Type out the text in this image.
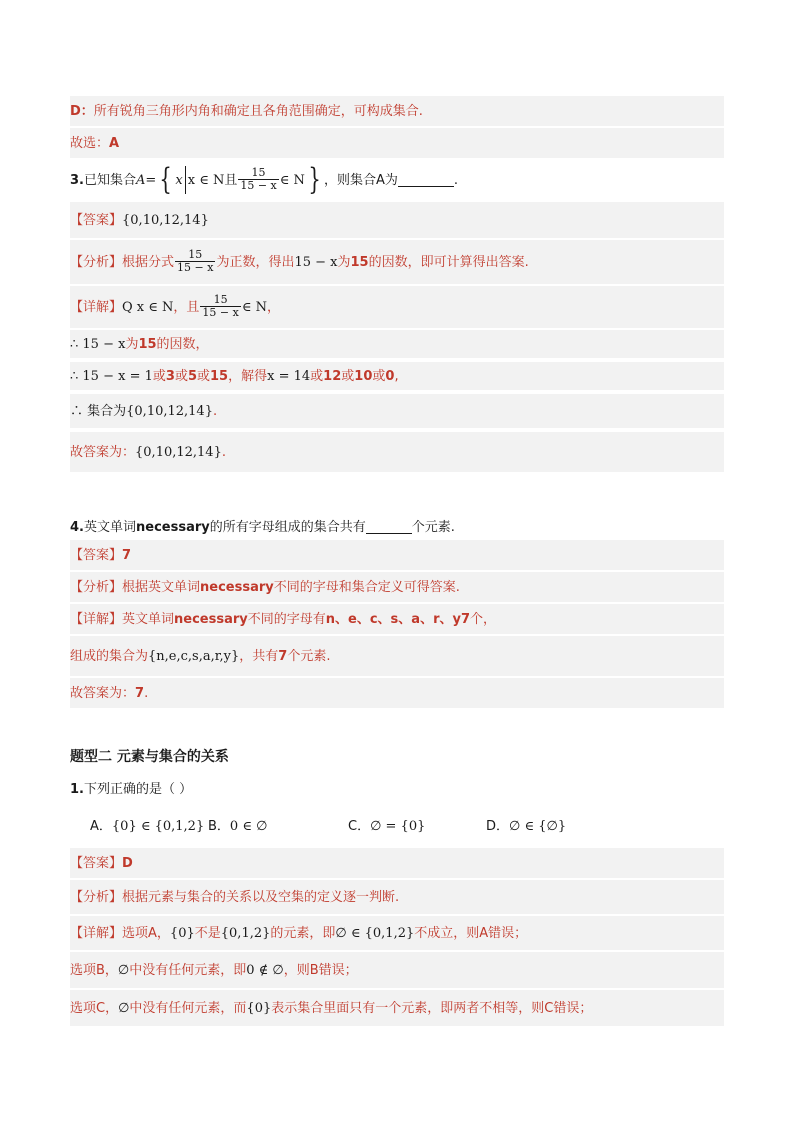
D： 所有锐角三角形内角和确定且各角范围确定，可构成集合.
故选： A
3. 已知集合 A = { x x ∈ N且 $\frac{15}{15 - x}$ ∈ N } ，则集合A为	.
【答案】 {0,10,12,14}
【分析】 根据分式 $\frac{15}{15 - x}$ 为正数，得出 15 − x 为 15 的因数，即可计算得出答案.
【详解】 Q x ∈ N ，且 $\frac{15}{15 - x}$ ∈ N ，
∴ 15 − x 为 15 的因数，
∴ 15 − x = 1 或 3 或 5 或 15 ，解得 x = 14 或 12 或 10 或 0 ,
∴ 集合为 {0,10,12,14} .
故答案为： {0,10,12,14} .
4. 英文单词 necessary 的所有字母组成的集合共有	个元素.
【答案】 7
【分析】 根据英文单词 necessary 不同的字母和集合定义可得答案.
【详解】 英文单词 necessary 不同的字母有 n、e、c、s、a、r、y7 个，
组成的集合为 {n,e,c,s,a,r,y} ，共有 7 个元素.
故答案为： 7 .
题型二 元素与集合的关系
1. 下列正确的是（ ）
A．{0} ∈ {0,1,2} B．0 ∈ ∅	C．∅ = {0}	D．∅ ∈ {∅}
【答案】 D
【分析】 根据元素与集合的关系以及空集的定义逐一判断.
【详解】 选项A， {0} 不是 {0,1,2} 的元素，即 ∅ ∈ {0,1,2} 不成立，则A错误；
选项B， ∅ 中没有任何元素，即 0 ∉ ∅ ，则B错误；
选项C， ∅ 中没有任何元素，而 {0} 表示集合里面只有一个元素，即两者不相等，则C错误；
